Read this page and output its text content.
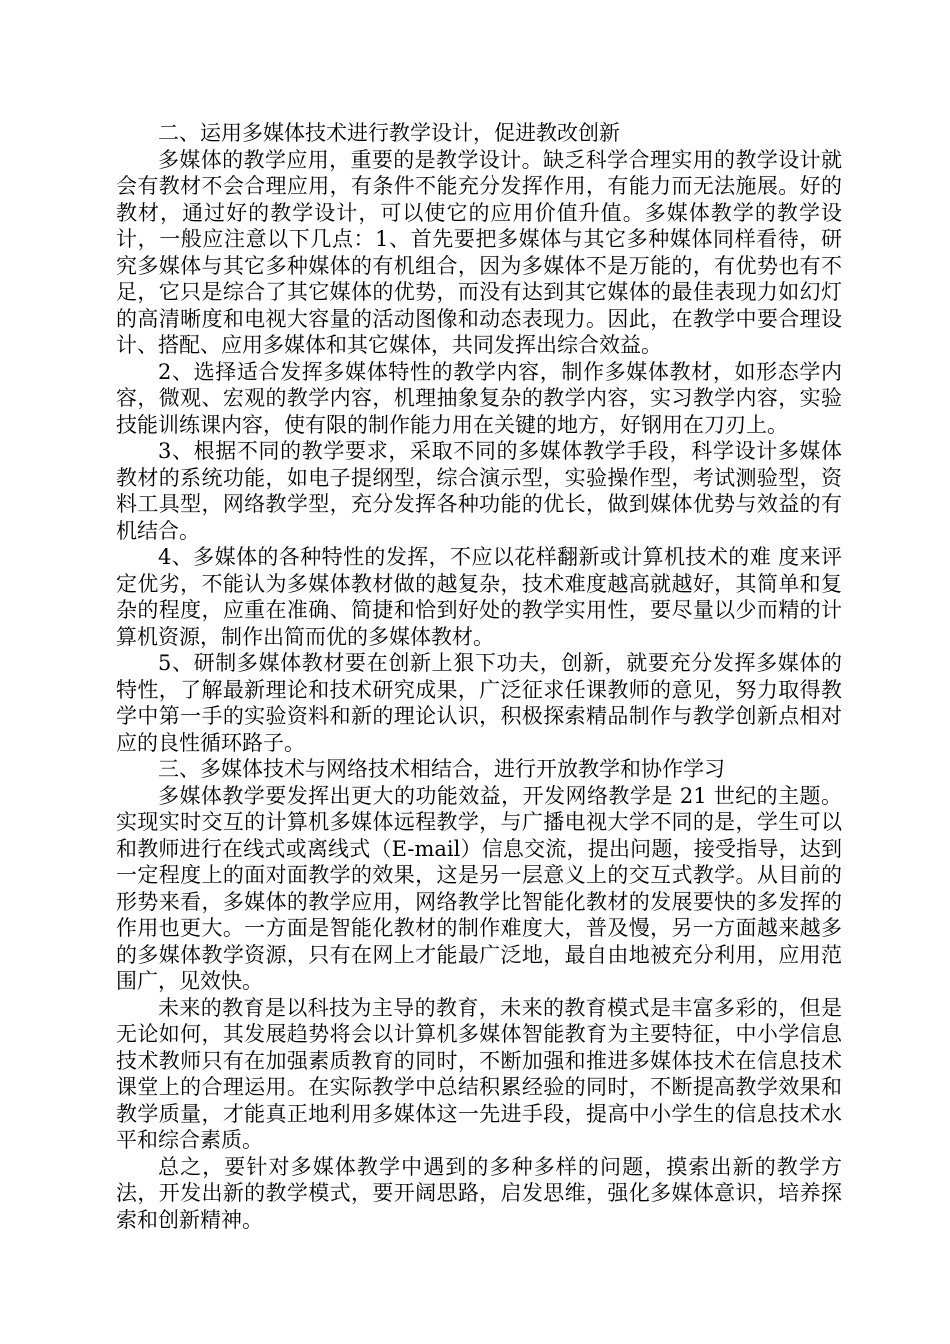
二、运用多媒体技术进行教学设计，促进教改创新

多媒体的教学应用，重要的是教学设计。缺乏科学合理实用的教学设计就会有教材不会合理应用，有条件不能充分发挥作用，有能力而无法施展。好的教材，通过好的教学设计，可以使它的应用价值升值。多媒体教学的教学设计，一般应注意以下几点：1、首先要把多媒体与其它多种媒体同样看待，研究多媒体与其它多种媒体的有机组合，因为多媒体不是万能的，有优势也有不足，它只是综合了其它媒体的优势，而没有达到其它媒体的最佳表现力如幻灯的高清晰度和电视大容量的活动图像和动态表现力。因此，在教学中要合理设计、搭配、应用多媒体和其它媒体，共同发挥出综合效益。

2、选择适合发挥多媒体特性的教学内容，制作多媒体教材，如形态学内容，微观、宏观的教学内容，机理抽象复杂的教学内容，实习教学内容，实验技能训练课内容，使有限的制作能力用在关键的地方，好钢用在刀刃上。

3、根据不同的教学要求，采取不同的多媒体教学手段，科学设计多媒体教材的系统功能，如电子提纲型，综合演示型，实验操作型，考试测验型，资料工具型，网络教学型，充分发挥各种功能的优长，做到媒体优势与效益的有机结合。

4、多媒体的各种特性的发挥，不应以花样翻新或计算机技术的难 度来评定优劣，不能认为多媒体教材做的越复杂，技术难度越高就越好，其简单和复杂的程度，应重在准确、简捷和恰到好处的教学实用性，要尽量以少而精的计算机资源，制作出简而优的多媒体教材。

5、研制多媒体教材要在创新上狠下功夫，创新，就要充分发挥多媒体的特性，了解最新理论和技术研究成果，广泛征求任课教师的意见，努力取得教学中第一手的实验资料和新的理论认识，积极探索精品制作与教学创新点相对应的良性循环路子。

三、多媒体技术与网络技术相结合，进行开放教学和协作学习

多媒体教学要发挥出更大的功能效益，开发网络教学是 21 世纪的主题。实现实时交互的计算机多媒体远程教学，与广播电视大学不同的是，学生可以和教师进行在线式或离线式（E-mail）信息交流，提出问题，接受指导，达到一定程度上的面对面教学的效果，这是另一层意义上的交互式教学。从目前的形势来看，多媒体的教学应用，网络教学比智能化教材的发展要快的多发挥的作用也更大。一方面是智能化教材的制作难度大，普及慢，另一方面越来越多的多媒体教学资源，只有在网上才能最广泛地，最自由地被充分利用，应用范围广，见效快。

未来的教育是以科技为主导的教育，未来的教育模式是丰富多彩的，但是无论如何，其发展趋势将会以计算机多媒体智能教育为主要特征，中小学信息技术教师只有在加强素质教育的同时，不断加强和推进多媒体技术在信息技术课堂上的合理运用。在实际教学中总结积累经验的同时，不断提高教学效果和教学质量，才能真正地利用多媒体这一先进手段，提高中小学生的信息技术水平和综合素质。

总之，要针对多媒体教学中遇到的多种多样的问题，摸索出新的教学方法，开发出新的教学模式，要开阔思路，启发思维，强化多媒体意识，培养探索和创新精神。
